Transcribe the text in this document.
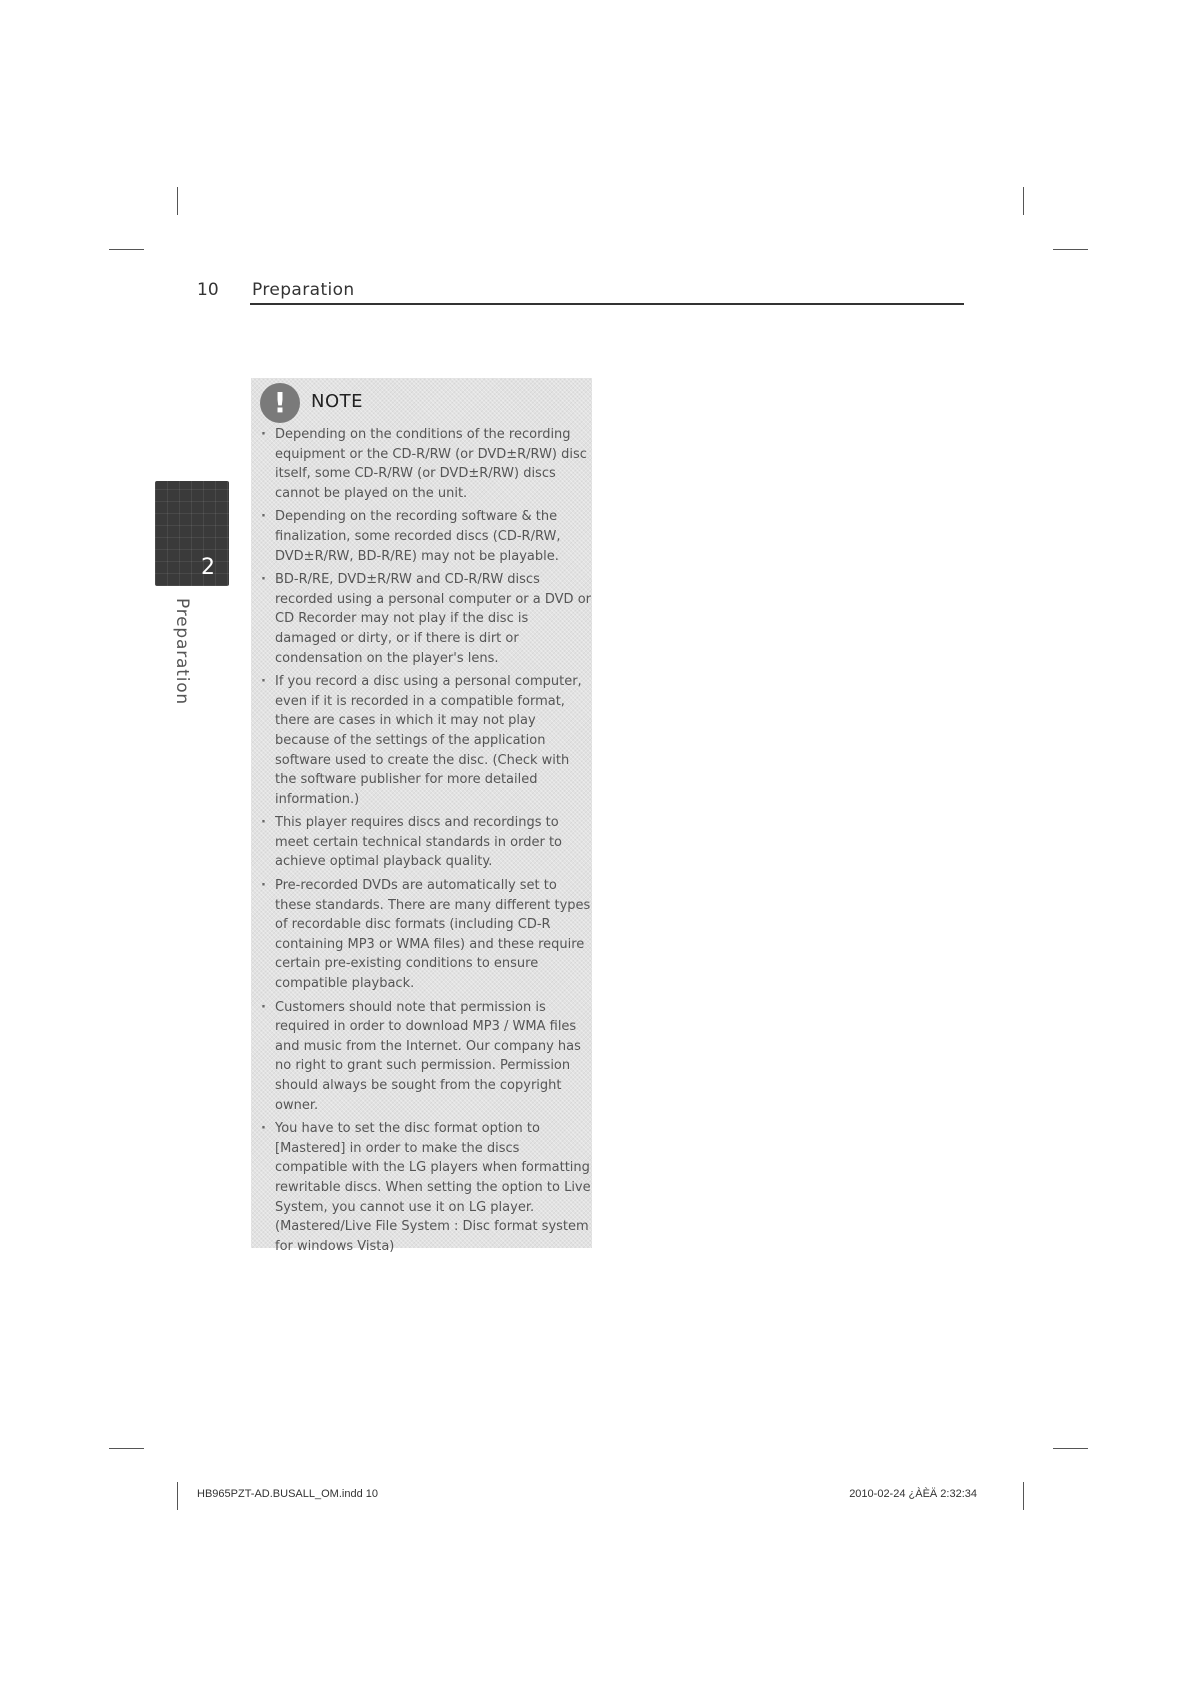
10 Preparation
2
Preparation
!	NOTE
· Depending on the conditions of the recording equipment or the CD-R/RW (or DVD±R/RW) disc itself, some CD-R/RW (or DVD±R/RW) discs cannot be played on the unit.
· Depending on the recording software & the finalization, some recorded discs (CD-R/RW, DVD±R/RW, BD-R/RE) may not be playable.
· BD-R/RE, DVD±R/RW and CD-R/RW discs recorded using a personal computer or a DVD or CD Recorder may not play if the disc is damaged or dirty, or if there is dirt or condensation on the player's lens.
· If you record a disc using a personal computer, even if it is recorded in a compatible format, there are cases in which it may not play because of the settings of the application software used to create the disc. (Check with the software publisher for more detailed information.)
· This player requires discs and recordings to meet certain technical standards in order to achieve optimal playback quality.
· Pre-recorded DVDs are automatically set to these standards. There are many different types of recordable disc formats (including CD-R containing MP3 or WMA files) and these require certain pre-existing conditions to ensure compatible playback.
· Customers should note that permission is required in order to download MP3 / WMA files and music from the Internet. Our company has no right to grant such permission. Permission should always be sought from the copyright owner.
· You have to set the disc format option to [Mastered] in order to make the discs compatible with the LG players when formatting rewritable discs. When setting the option to Live System, you cannot use it on LG player. (Mastered/Live File System : Disc format system for windows Vista)
HB965PZT-AD.BUSALL_OM.indd 10	2010-02-24 ¿ÀÈÄ 2:32:34
